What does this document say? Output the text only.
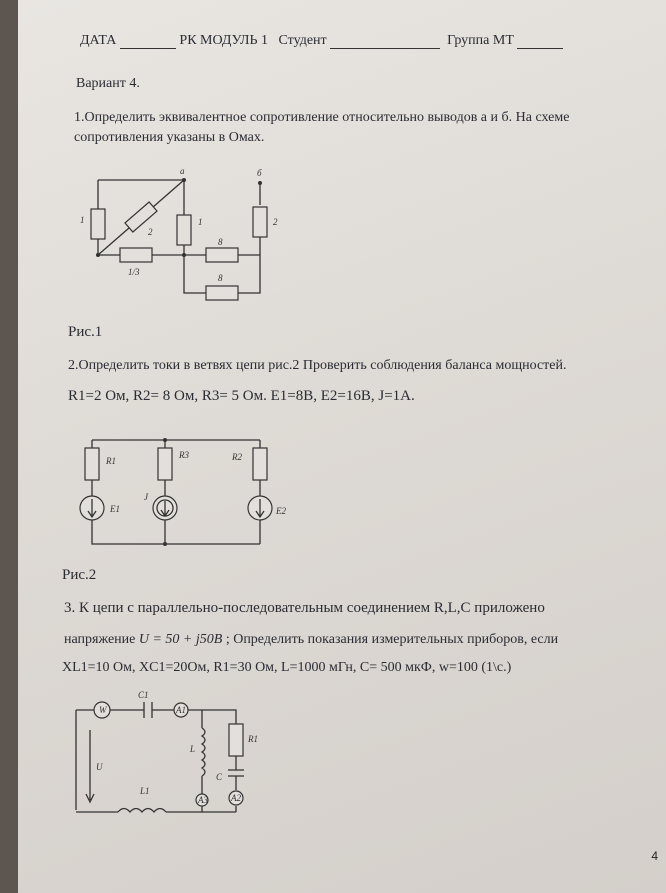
ДАТА	РК МОДУЛЬ 1 Студент	Группа МТ
Вариант 4.
1.Определить эквивалентное сопротивление относительно выводов а и б. На схеме
сопротивления указаны в Омах.
а	б
1
2
1
8
8
2
1/3
Рис.1
2.Определить токи в ветвях цепи рис.2 Проверить соблюдения баланса мощностей.
R1=2 Ом, R2= 8 Ом, R3= 5 Ом. E1=8В, E2=16В, J=1А.
R1
R3	R2
E1
J
E2
Рис.2
3. К цепи с параллельно-последовательным соединением R,L,C приложено
напряжение U = 50 + j50B ; Определить показания измерительных приборов, если
XL1=10 Ом, XC1=20Ом, R1=30 Ом, L=1000 мГн, C= 500 мкФ, w=100 (1\с.)
W
C1
A1
R1
C
L
A3	A2
L1
U
4
